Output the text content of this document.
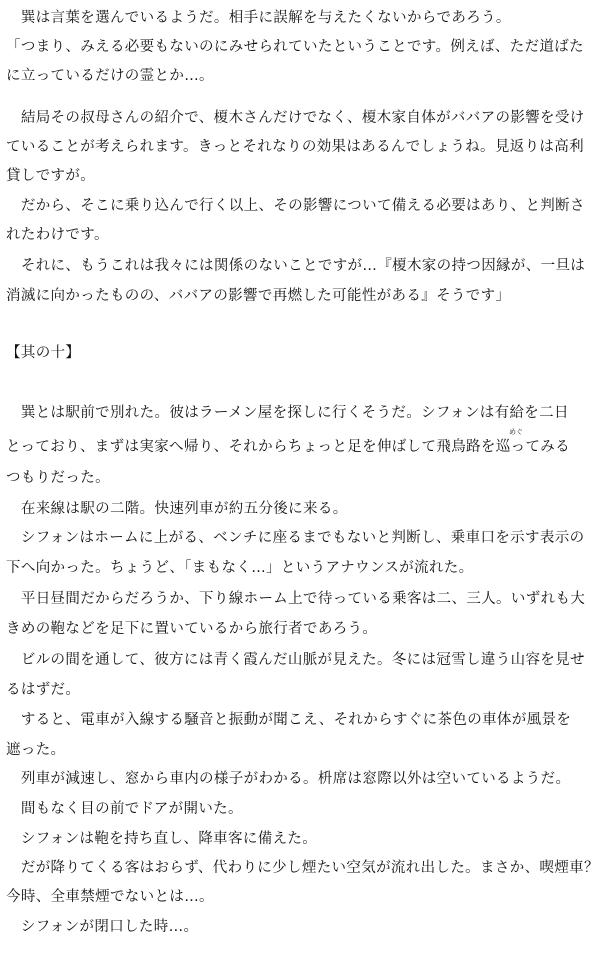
　巽は言葉を選んでいるようだ。相手に誤解を与えたくないからであろう。
「つまり、みえる必要もないのにみせられていたということです。例えば、ただ道ばた
に立っているだけの霊とか…。
　結局その叔母さんの紹介で、榎木さんだけでなく、榎木家自体がババアの影響を受け
ていることが考えられます。きっとそれなりの効果はあるんでしょうね。見返りは高利
貸しですが。
　だから、そこに乗り込んで行く以上、その影響について備える必要はあり、と判断さ
れたわけです。
　それに、もうこれは我々には関係のないことですが…『榎木家の持つ因縁が、一旦は
消滅に向かったものの、ババアの影響で再燃した可能性がある』そうです」
【其の十】
　巽とは駅前で別れた。彼はラーメン屋を探しに行くそうだ。シフォンは有給を二日
とっており、まずは実家へ帰り、それからちょっと足を伸ばして飛鳥路を巡ってみる
めぐ
つもりだった。
　在来線は駅の二階。快速列車が約五分後に来る。
　シフォンはホームに上がる、ベンチに座るまでもないと判断し、乗車口を示す表示の
下へ向かった。ちょうど、「まもなく…」というアナウンスが流れた。
　平日昼間だからだろうか、下り線ホーム上で待っている乗客は二、三人。いずれも大
きめの鞄などを足下に置いているから旅行者であろう。
　ビルの間を通して、彼方には青く霞んだ山脈が見えた。冬には冠雪し違う山容を見せ
るはずだ。
　すると、電車が入線する騒音と振動が聞こえ、それからすぐに茶色の車体が風景を
遮った。
　列車が減速し、窓から車内の様子がわかる。枡席は窓際以外は空いているようだ。
　間もなく目の前でドアが開いた。
　シフォンは鞄を持ち直し、降車客に備えた。
　だが降りてくる客はおらず、代わりに少し煙たい空気が流れ出した。まさか、喫煙車？
今時、全車禁煙でないとは…。
　シフォンが閉口した時…。
